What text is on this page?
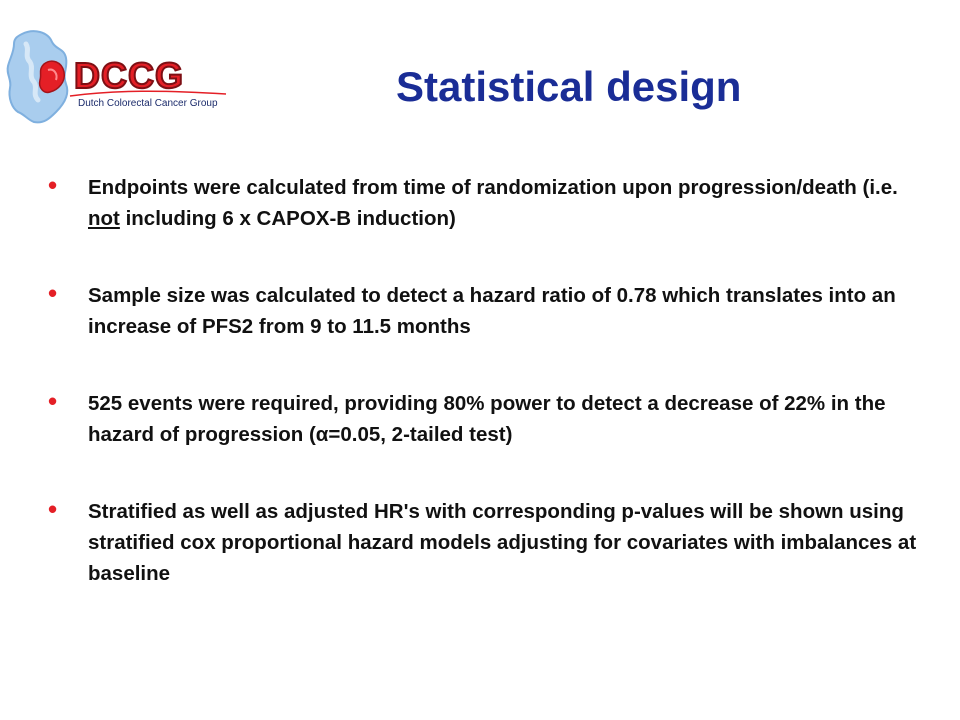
DCCG
Dutch Colorectal Cancer Group	Statistical design
•	Endpoints were calculated from time of randomization upon progression/death (i.e. not including 6 x CAPOX-B induction)
•	Sample size was calculated to detect a hazard ratio of 0.78 which translates into an increase of PFS2 from 9 to 11.5 months
•	525 events were required, providing 80% power to detect a decrease of 22% in the hazard of progression (α=0.05, 2-tailed test)
•	Stratified as well as adjusted HR's with corresponding p-values will be shown using stratified cox proportional hazard models adjusting for covariates with imbalances at baseline
